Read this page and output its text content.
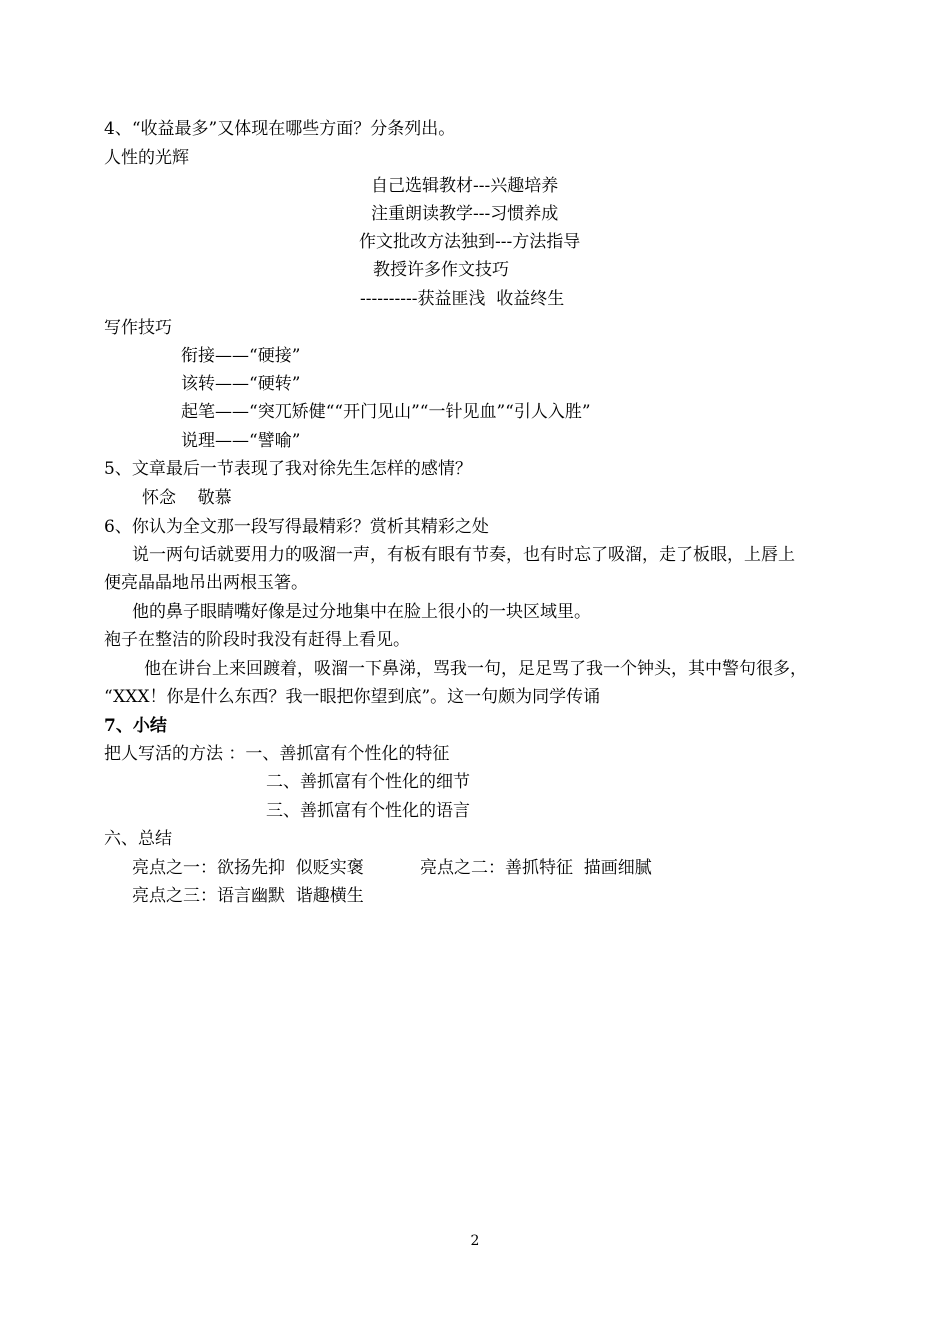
4、“收益最多”又体现在哪些方面？分条列出。
人性的光辉
自己选辑教材---兴趣培养
注重朗读教学---习惯养成
作文批改方法独到---方法指导
教授许多作文技巧
----------获益匪浅  收益终生
写作技巧
衔接——“硬接”
该转——“硬转”
起笔——“突兀矫健““开门见山”“一针见血”“引人入胜”
说理——“譬喻”
5、文章最后一节表现了我对徐先生怎样的感情？
怀念    敬慕
6、你认为全文那一段写得最精彩？赏析其精彩之处
说一两句话就要用力的吸溜一声，有板有眼有节奏，也有时忘了吸溜，走了板眼，上唇上
便亮晶晶地吊出两根玉箸。
他的鼻子眼睛嘴好像是过分地集中在脸上很小的一块区域里。
袍子在整洁的阶段时我没有赶得上看见。
他在讲台上来回踱着，吸溜一下鼻涕，骂我一句，足足骂了我一个钟头，其中警句很多，
“XXX！你是什么东西？我一眼把你望到底”。这一句颇为同学传诵
7、小结
把人写活的方法 ：一、善抓富有个性化的特征
二、善抓富有个性化的细节
三、善抓富有个性化的语言
六、总结
亮点之一：欲扬先抑  似贬实褒	亮点之二：善抓特征  描画细腻
亮点之三：语言幽默  谐趣横生
2
